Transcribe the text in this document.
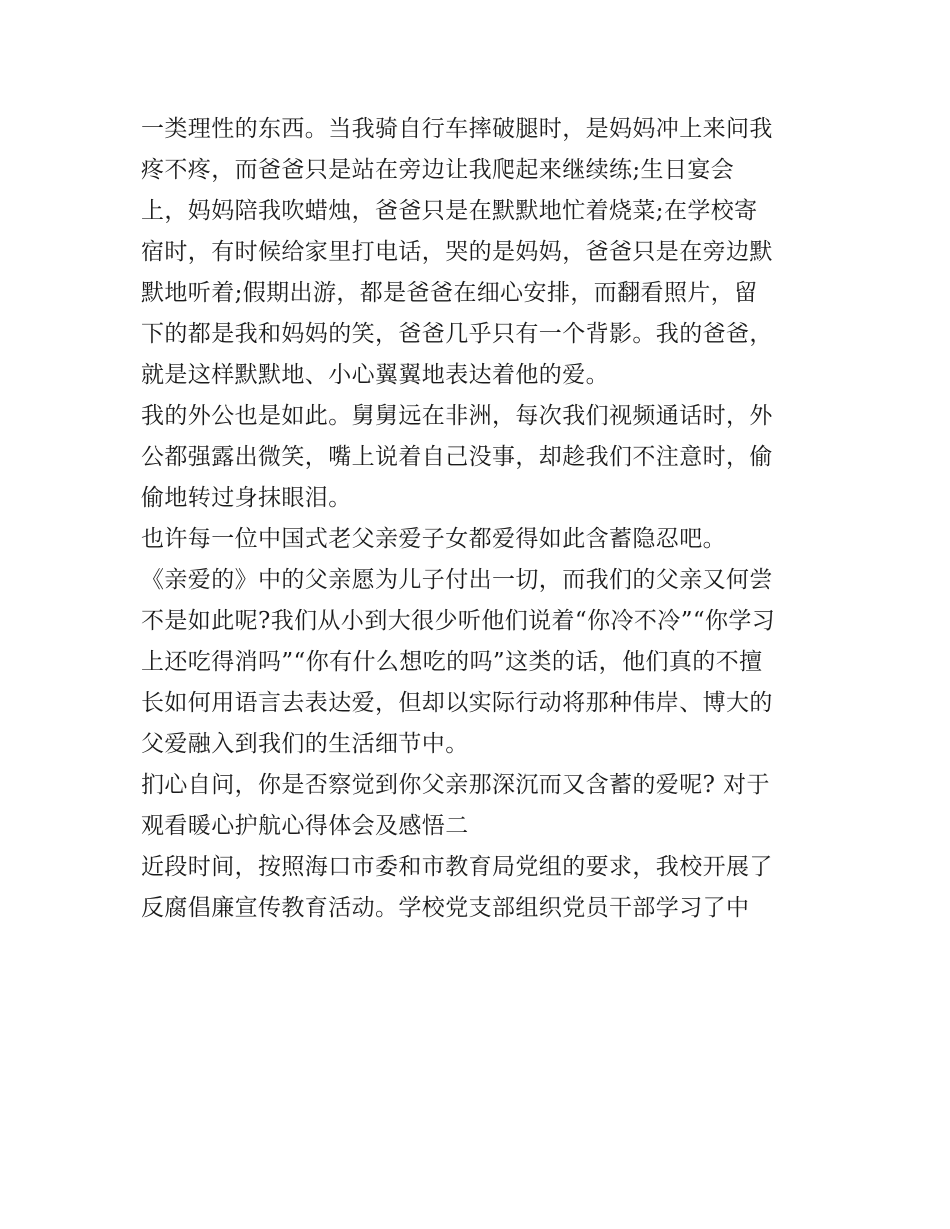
一类理性的东西。当我骑自行车摔破腿时，是妈妈冲上来问我
疼不疼，而爸爸只是站在旁边让我爬起来继续练;生日宴会
上，妈妈陪我吹蜡烛，爸爸只是在默默地忙着烧菜;在学校寄
宿时，有时候给家里打电话，哭的是妈妈，爸爸只是在旁边默
默地听着;假期出游，都是爸爸在细心安排，而翻看照片，留
下的都是我和妈妈的笑，爸爸几乎只有一个背影。我的爸爸，
就是这样默默地、小心翼翼地表达着他的爱。
我的外公也是如此。舅舅远在非洲，每次我们视频通话时，外
公都强露出微笑，嘴上说着自己没事，却趁我们不注意时，偷
偷地转过身抹眼泪。
也许每一位中国式老父亲爱子女都爱得如此含蓄隐忍吧。
《亲爱的》中的父亲愿为儿子付出一切，而我们的父亲又何尝
不是如此呢?我们从小到大很少听他们说着“你冷不冷”“你学习
上还吃得消吗”“你有什么想吃的吗”这类的话，他们真的不擅
长如何用语言去表达爱，但却以实际行动将那种伟岸、博大的
父爱融入到我们的生活细节中。
扪心自问，你是否察觉到你父亲那深沉而又含蓄的爱呢? 对于
观看暖心护航心得体会及感悟二
近段时间，按照海口市委和市教育局党组的要求，我校开展了
反腐倡廉宣传教育活动。学校党支部组织党员干部学习了中
